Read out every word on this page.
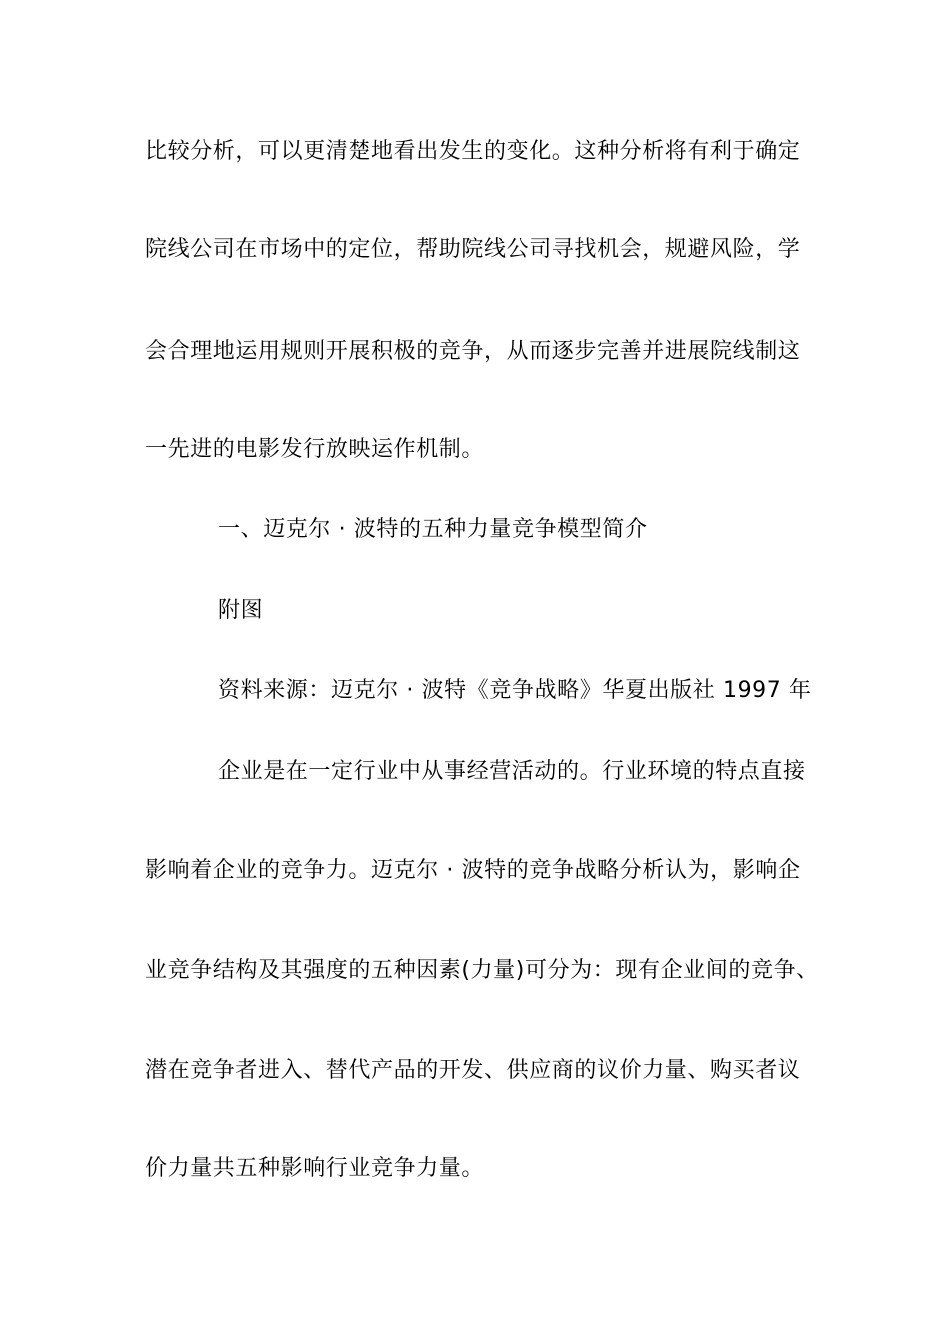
比较分析，可以更清楚地看出发生的变化。这种分析将有利于确定
院线公司在市场中的定位，帮助院线公司寻找机会，规避风险，学
会合理地运用规则开展积极的竞争，从而逐步完善并进展院线制这
一先进的电影发行放映运作机制。
一、迈克尔 · 波特的五种力量竞争模型简介
附图
资料来源：迈克尔 · 波特《竞争战略》华夏出版社 1997 年
企业是在一定行业中从事经营活动的。行业环境的特点直接
影响着企业的竞争力。迈克尔 · 波特的竞争战略分析认为，影响企
业竞争结构及其强度的五种因素(力量)可分为：现有企业间的竞争、
潜在竞争者进入、替代产品的开发、供应商的议价力量、购买者议
价力量共五种影响行业竞争力量。
